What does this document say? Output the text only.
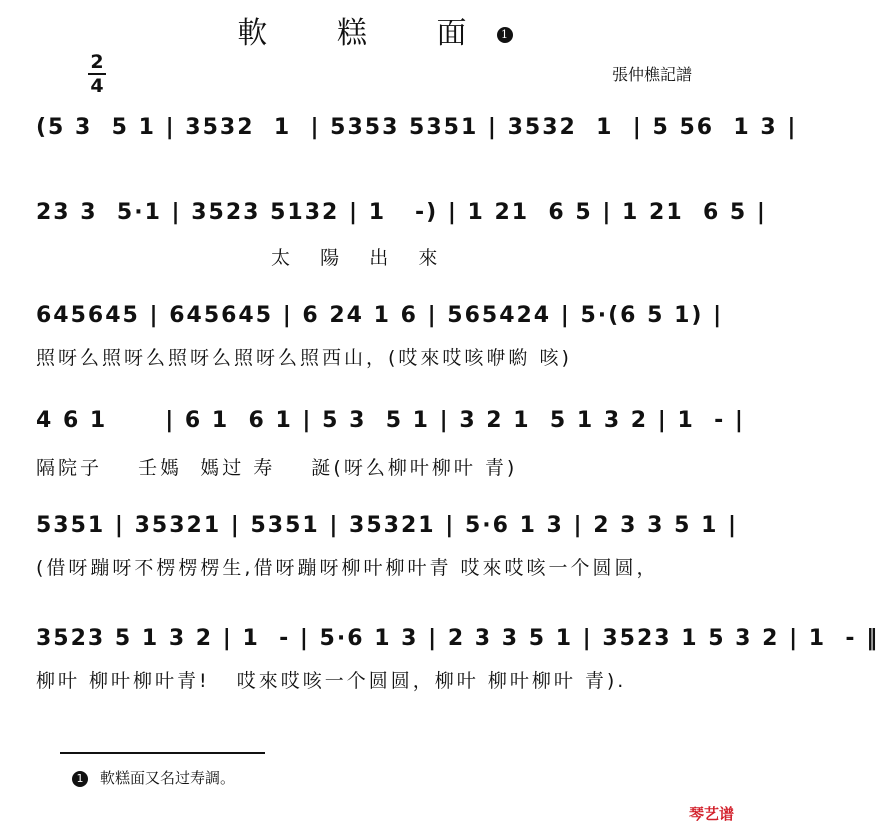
軟 糕 面 1
張仲樵記譜
2
4
(5 3  5 1 | 3532  1  | 5353 5351 | 3532  1  | 5 56  1 3 |
23 3  5·1 | 3523 5132 | 1   -) | 1 21  6 5 | 1 21  6 5 |
太   陽   出   來
645645 | 645645 | 6 24 1 6 | 565424 | 5·(6 5 1) |
照呀么照呀么照呀么照呀么照西山，(哎來哎咳咿喲 咳)
4 6 1      | 6 1  6 1 | 5 3  5 1 | 3 2 1  5 1 3 2 | 1  - |
隔院子    壬媽  媽过 寿    誕(呀么柳叶柳叶 青)
5351 | 35321 | 5351 | 35321 | 5·6 1 3 | 2 3 3 5 1 |
(借呀蹦呀不楞楞楞生,借呀蹦呀柳叶柳叶青 哎來哎咳一个圆圆，
3523 5 1 3 2 | 1  - | 5·6 1 3 | 2 3 3 5 1 | 3523 1 5 3 2 | 1  - ‖
柳叶 柳叶柳叶青!   哎來哎咳一个圆圆，柳叶 柳叶柳叶 青).
1 軟糕面又名过寿調。
琴艺谱
